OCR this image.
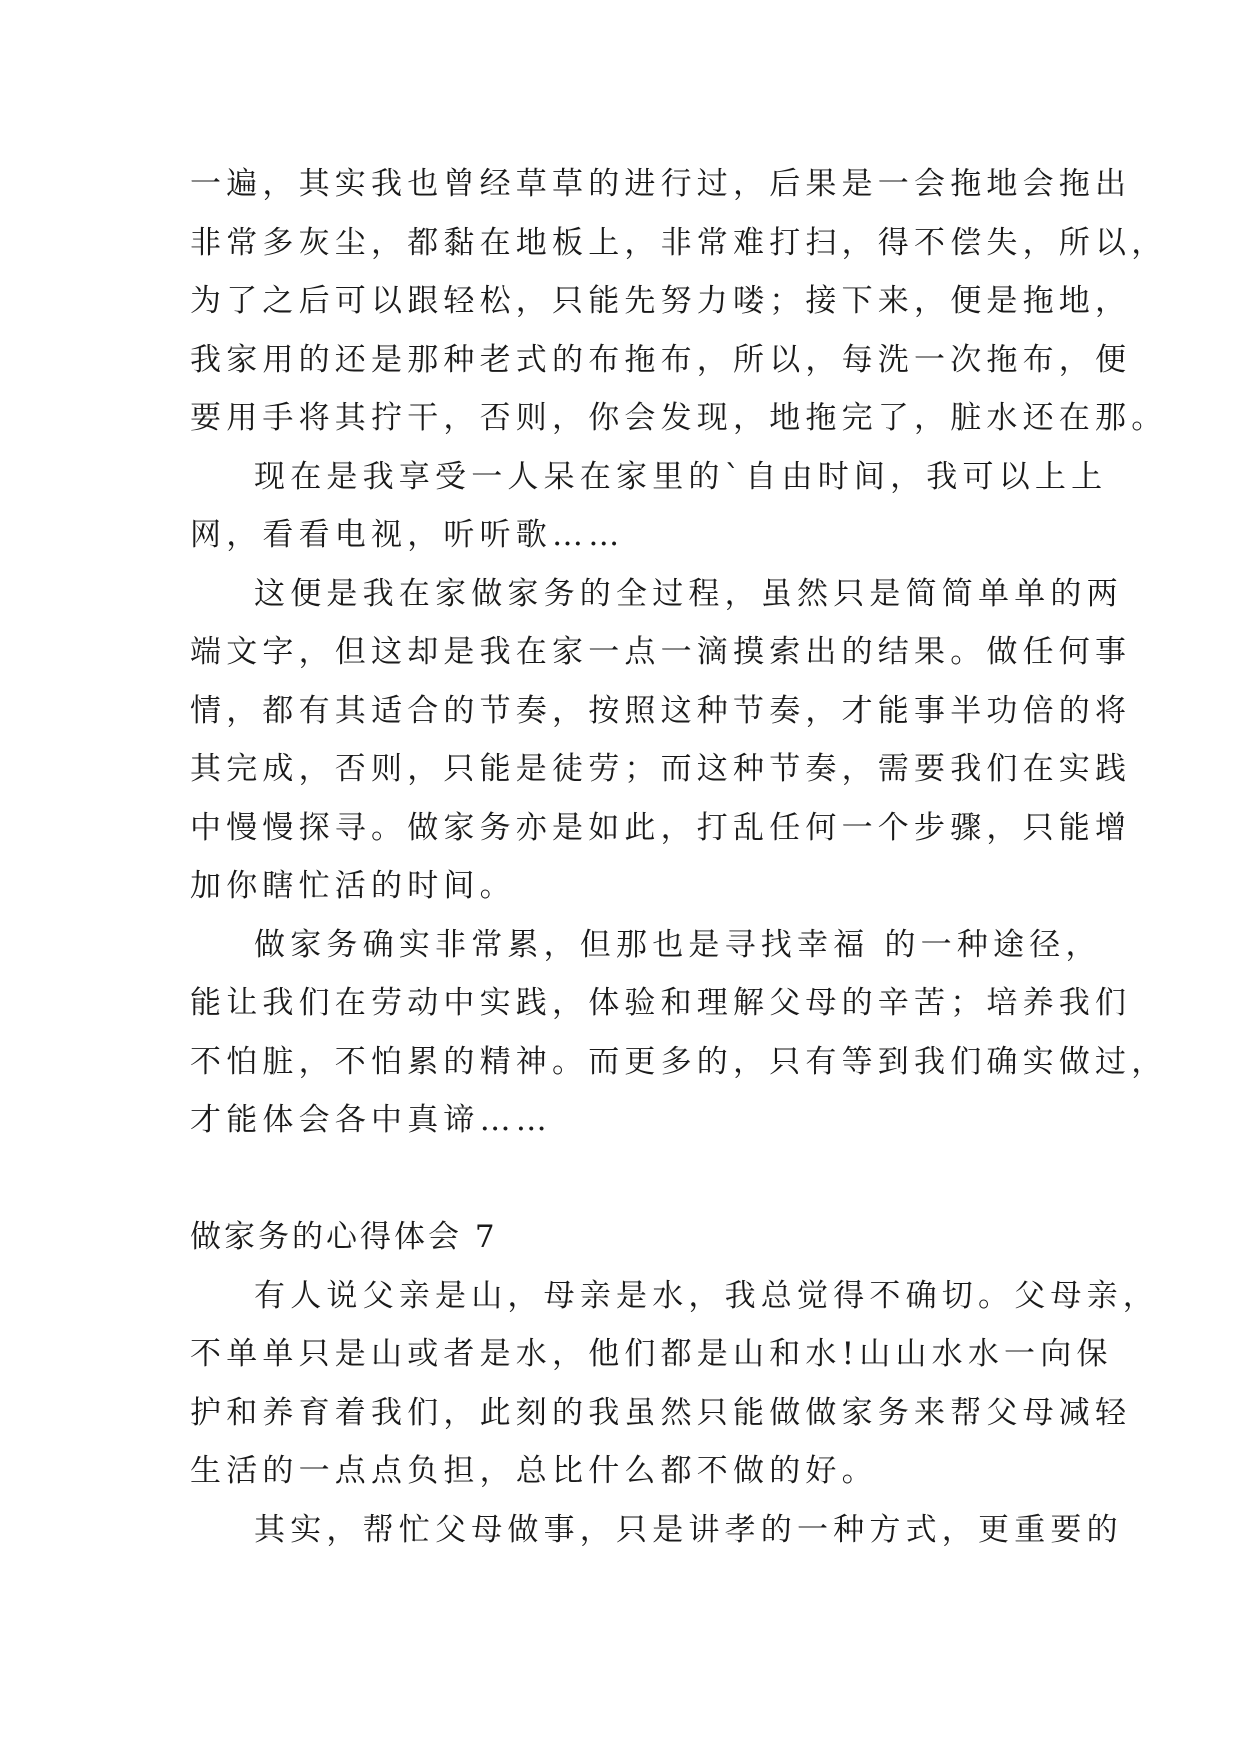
一遍，其实我也曾经草草的进行过，后果是一会拖地会拖出
非常多灰尘，都黏在地板上，非常难打扫，得不偿失，所以，
为了之后可以跟轻松，只能先努力喽；接下来，便是拖地，
我家用的还是那种老式的布拖布，所以，每洗一次拖布，便
要用手将其拧干，否则，你会发现，地拖完了，脏水还在那。
现在是我享受一人呆在家里的`自由时间，我可以上上
网，看看电视，听听歌……
这便是我在家做家务的全过程，虽然只是简简单单的两
端文字，但这却是我在家一点一滴摸索出的结果。做任何事
情，都有其适合的节奏，按照这种节奏，才能事半功倍的将
其完成，否则，只能是徒劳；而这种节奏，需要我们在实践
中慢慢探寻。做家务亦是如此，打乱任何一个步骤，只能增
加你瞎忙活的时间。
做家务确实非常累，但那也是寻找幸福 的一种途径，
能让我们在劳动中实践，体验和理解父母的辛苦；培养我们
不怕脏，不怕累的精神。而更多的，只有等到我们确实做过，
才能体会各中真谛……
做家务的心得体会 7
有人说父亲是山，母亲是水，我总觉得不确切。父母亲，
不单单只是山或者是水，他们都是山和水!山山水水一向保
护和养育着我们，此刻的我虽然只能做做家务来帮父母减轻
生活的一点点负担，总比什么都不做的好。
其实，帮忙父母做事，只是讲孝的一种方式，更重要的
